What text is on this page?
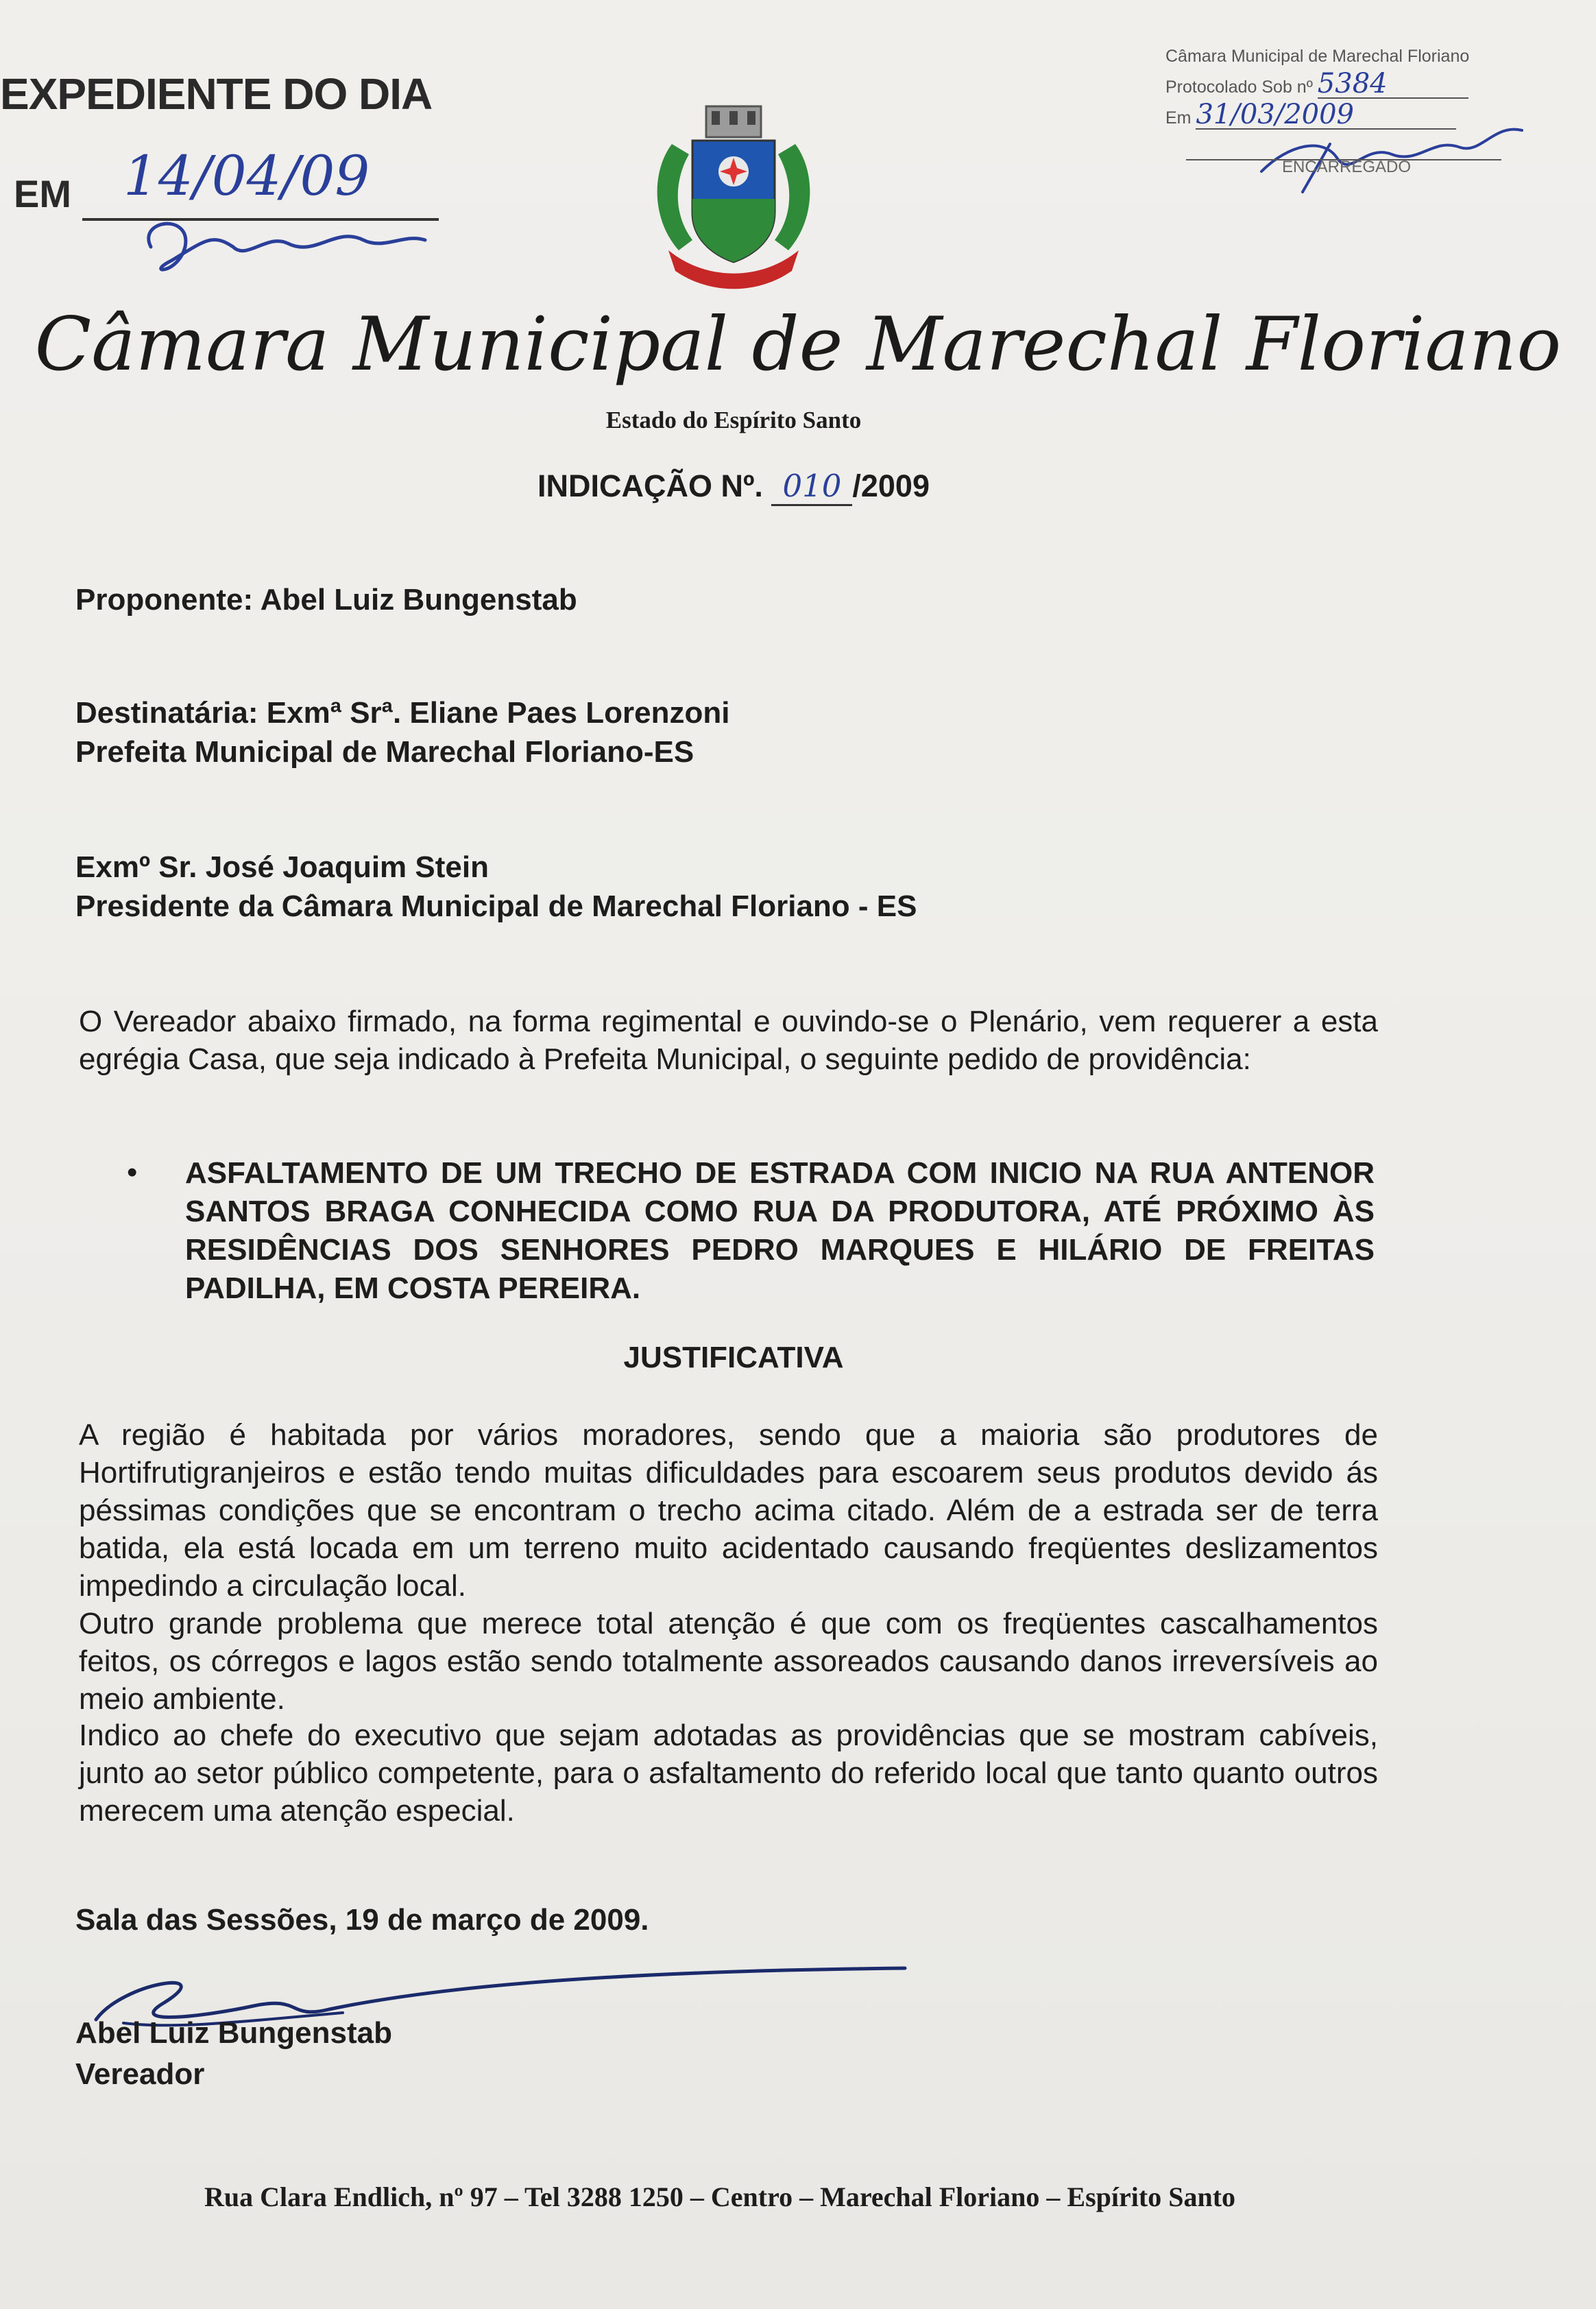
EXPEDIENTE DO DIA
EM 14/04/09
Câmara Municipal de Marechal Floriano
Protocolado Sob nº 5384
Em 31/03/2009
ENCARREGADO
Câmara Municipal de Marechal Floriano
Estado do Espírito Santo
INDICAÇÃO Nº. 010 /2009
Proponente: Abel Luiz Bungenstab
Destinatária: Exmª Srª. Eliane Paes Lorenzoni
Prefeita Municipal de Marechal Floriano-ES
Exmº Sr. José Joaquim Stein
Presidente da Câmara Municipal de Marechal Floriano - ES
O Vereador abaixo firmado, na forma regimental e ouvindo-se o Plenário, vem requerer a esta egrégia Casa, que seja indicado à Prefeita Municipal, o seguinte pedido de providência:
• ASFALTAMENTO DE UM TRECHO DE ESTRADA COM INICIO NA RUA ANTENOR SANTOS BRAGA CONHECIDA COMO RUA DA PRODUTORA, ATÉ PRÓXIMO ÀS RESIDÊNCIAS DOS SENHORES PEDRO MARQUES E HILÁRIO DE FREITAS PADILHA, EM COSTA PEREIRA.
JUSTIFICATIVA
A região é habitada por vários moradores, sendo que a maioria são produtores de Hortifrutigranjeiros e estão tendo muitas dificuldades para escoarem seus produtos devido ás péssimas condições que se encontram o trecho acima citado. Além de a estrada ser de terra batida, ela está locada em um terreno muito acidentado causando freqüentes deslizamentos impedindo a circulação local.
Outro grande problema que merece total atenção é que com os freqüentes cascalhamentos feitos, os córregos e lagos estão sendo totalmente assoreados causando danos irreversíveis ao meio ambiente.
Indico ao chefe do executivo que sejam adotadas as providências que se mostram cabíveis, junto ao setor público competente, para o asfaltamento do referido local que tanto quanto outros merecem uma atenção especial.
Sala das Sessões, 19 de março de 2009.
Abel Luiz Bungenstab
Vereador
Rua Clara Endlich, nº 97 – Tel 3288 1250 – Centro – Marechal Floriano – Espírito Santo
